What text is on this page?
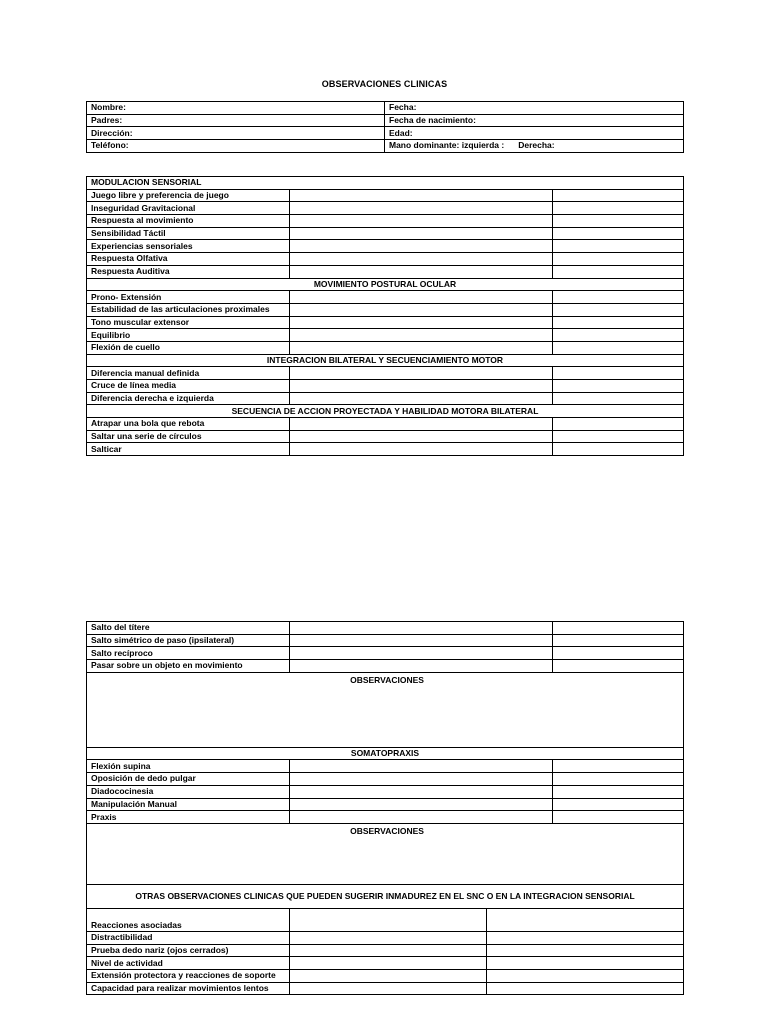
OBSERVACIONES CLINICAS
Nombre:	Fecha:
Padres:	Fecha de nacimiento:
Dirección:	Edad:
Teléfono:	Mano dominante: izquierda : Derecha:
MODULACION SENSORIAL		
Juego libre y preferencia de juego		
Inseguridad Gravitacional		
Respuesta al movimiento		
Sensibilidad Táctil		
Experiencias sensoriales		
Respuesta Olfativa		
Respuesta Auditiva		
MOVIMIENTO POSTURAL OCULAR		
Prono- Extensión		
Estabilidad de las articulaciones proximales		
Tono muscular extensor		
Equilibrio		
Flexión de cuello		
INTEGRACION BILATERAL Y SECUENCIAMIENTO MOTOR		
Diferencia manual definida		
Cruce de línea media		
Diferencia derecha e izquierda		
SECUENCIA DE ACCION PROYECTADA Y HABILIDAD MOTORA BILATERAL		
Atrapar una bola que rebota		
Saltar una serie de círculos		
Salticar		
Salto del títere		
Salto simétrico de paso (ipsilateral)		
Salto recíproco		
Pasar sobre un objeto en movimiento		
OBSERVACIONES		
SOMATOPRAXIS		
Flexión supina		
Oposición de dedo pulgar		
Diadococinesia		
Manipulación Manual		
Praxis		
OBSERVACIONES		
OTRAS OBSERVACIONES CLINICAS QUE PUEDEN SUGERIR INMADUREZ EN EL SNC O EN LA INTEGRACION SENSORIAL		
Reacciones asociadas		
Distractibilidad		
Prueba dedo nariz (ojos cerrados)		
Nivel de actividad		
Extensión protectora y reacciones de soporte		
Capacidad para realizar movimientos lentos		
